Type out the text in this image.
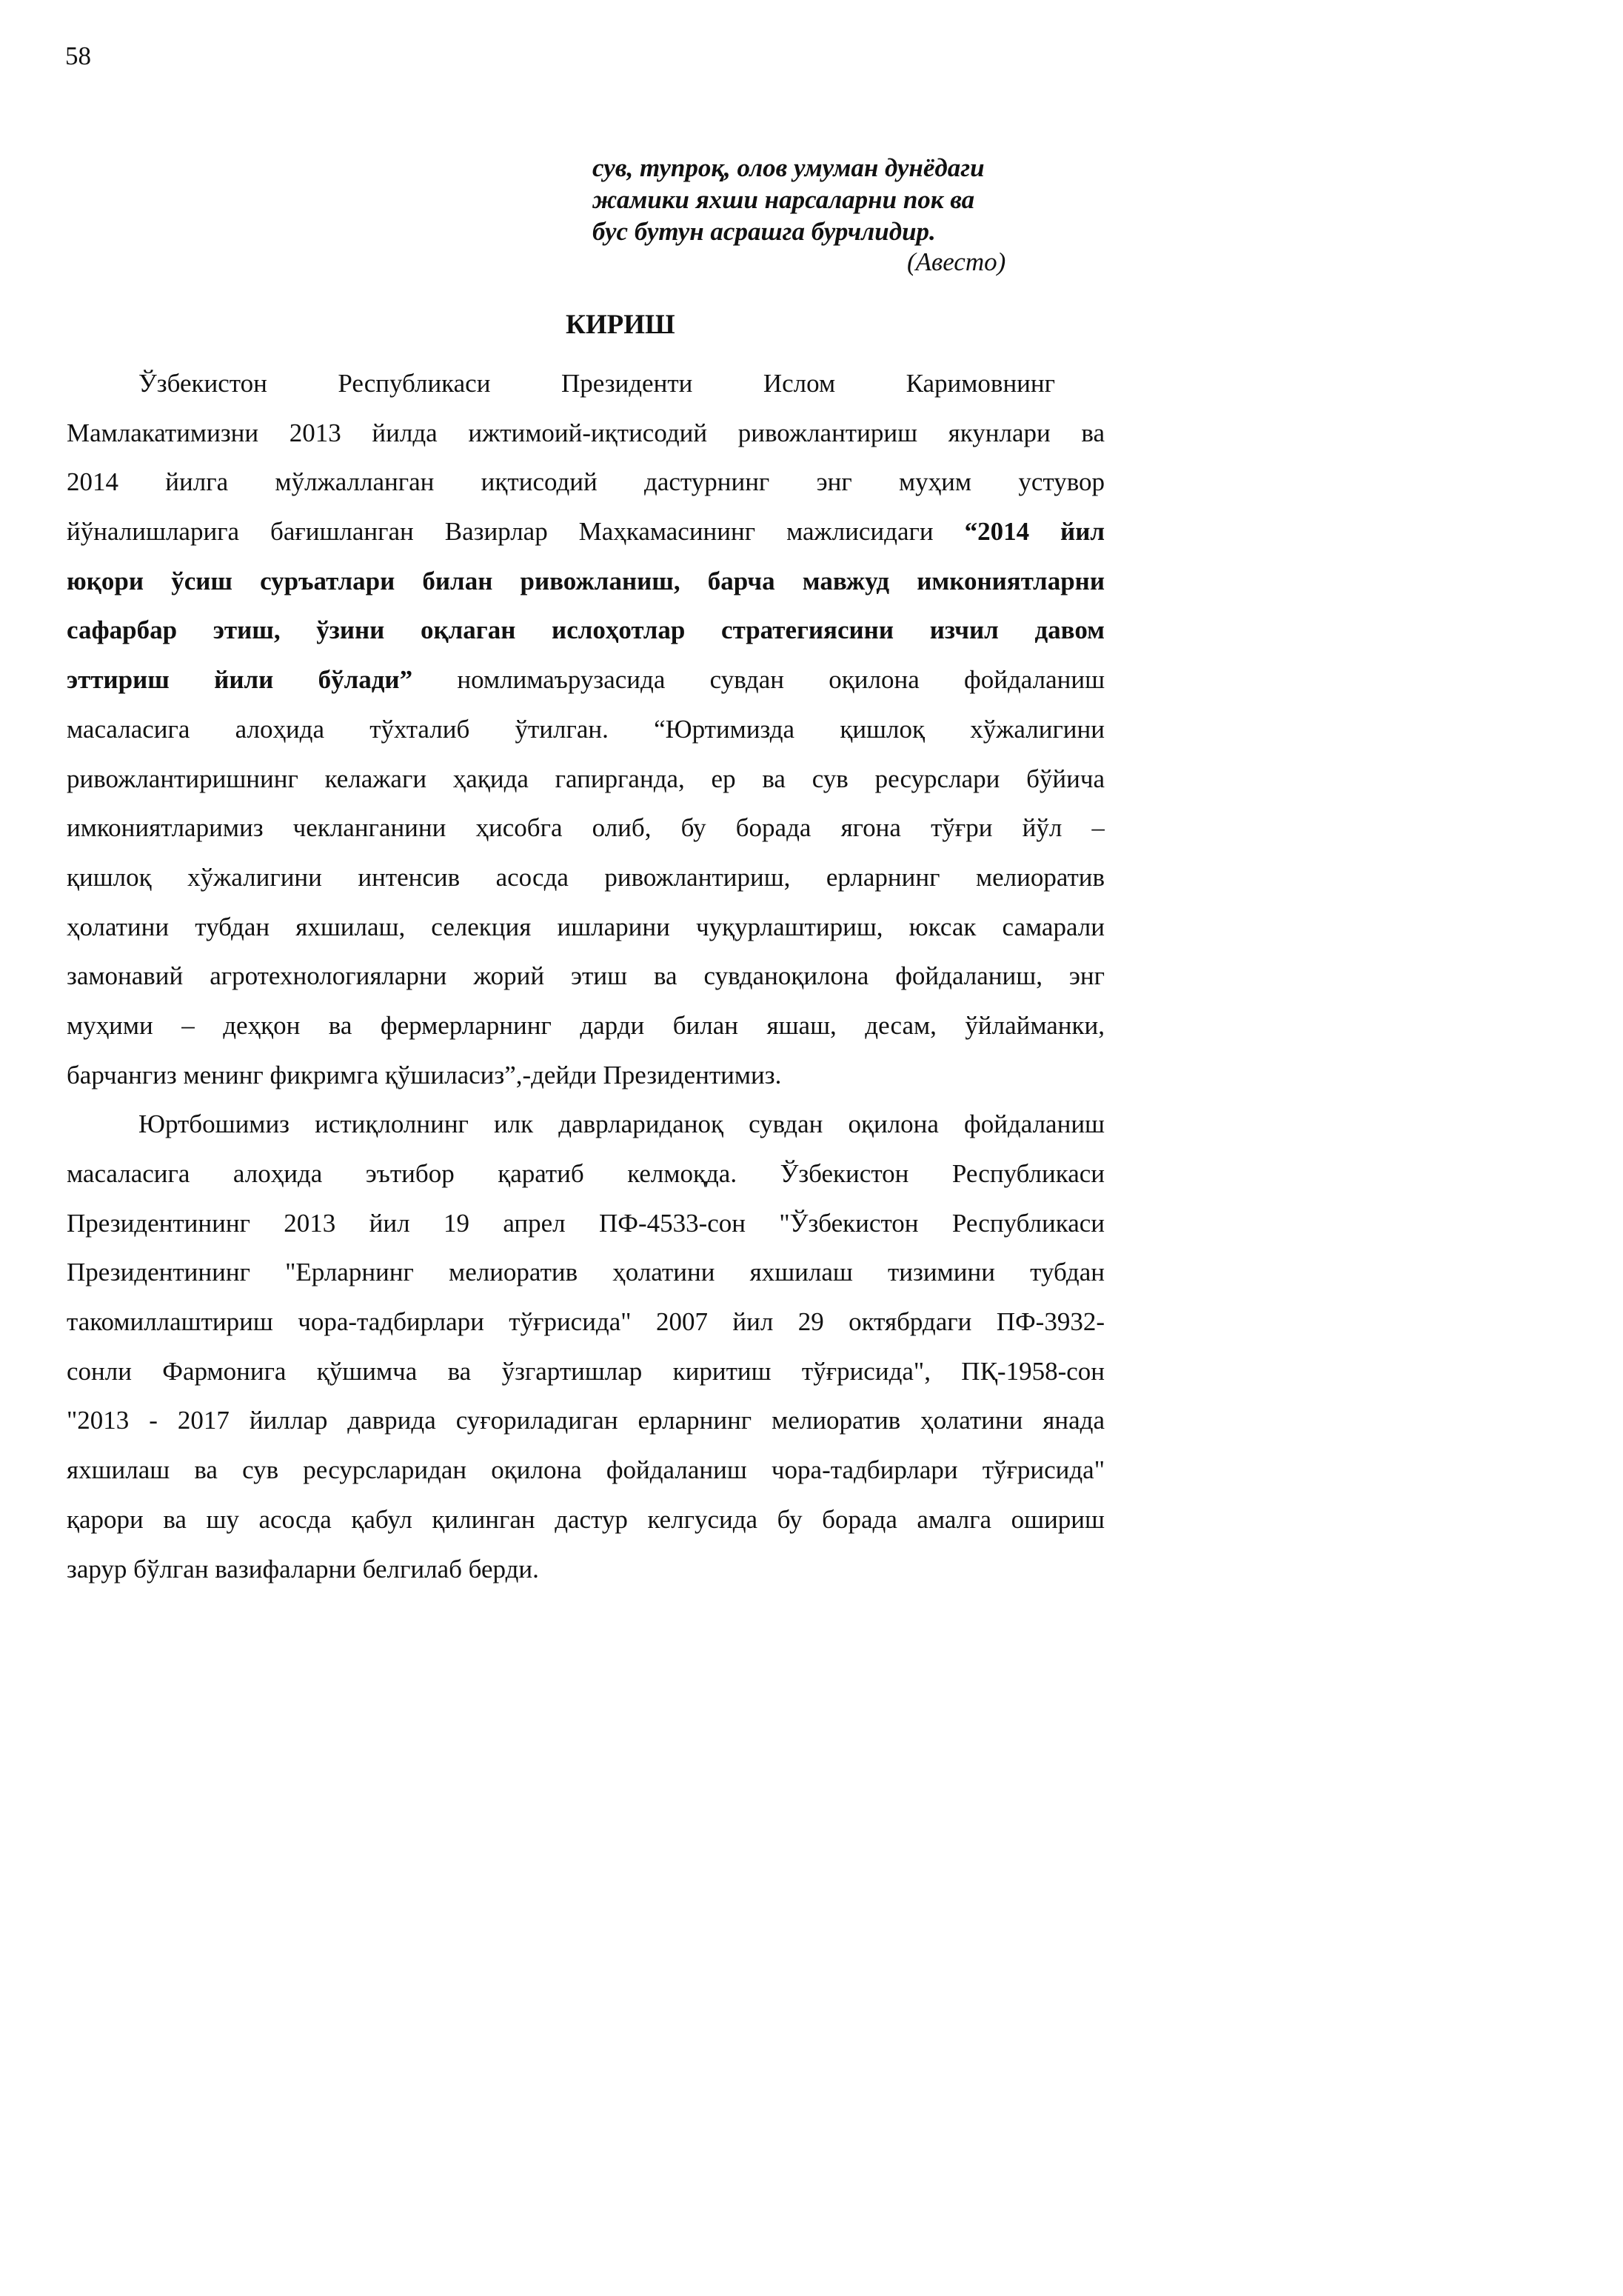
58
сув, тупроқ, олов умуман дунёдаги
жамики яхши нарсаларни пок ва
бус бутун асрашга бурчлидир.
(Авесто)
КИРИШ
Ўзбекистон	Республикаси	Президенти	Ислом	Каримовнинг
Мамлакатимизни 2013 йилда ижтимоий-иқтисодий ривожлантириш якунлари ва
2014 йилга мўлжалланган иқтисодий дастурнинг энг муҳим устувор
йўналишларига бағишланган Вазирлар Маҳкамасининг мажлисидаги “2014 йил
юқори ўсиш суръатлари билан ривожланиш, барча мавжуд имкониятларни
сафарбар этиш, ўзини оқлаган ислоҳотлар стратегиясини изчил давом
эттириш йили бўлади” номлимаърузасида сувдан оқилона фойдаланиш
масаласига алоҳида тўхталиб ўтилган. “Юртимизда қишлоқ хўжалигини
ривожлантиришнинг келажаги ҳақида гапирганда, ер ва сув ресурслари бўйича
имкониятларимиз чекланганини ҳисобга олиб, бу борада ягона тўғри йўл –
қишлоқ хўжалигини интенсив асосда ривожлантириш, ерларнинг мелиоратив
ҳолатини тубдан яхшилаш, селекция ишларини чуқурлаштириш, юксак самарали
замонавий агротехнологияларни жорий этиш ва сувданоқилона фойдаланиш, энг
муҳими – деҳқон ва фермерларнинг дарди билан яшаш, десам, ўйлайманки,
барчангиз менинг фикримга қўшиласиз”,-дейди Президентимиз.
Юртбошимиз истиқлолнинг илк даврлариданоқ сувдан оқилона фойдаланиш
масаласига алоҳида эътибор қаратиб келмоқда. Ўзбекистон Республикаси
Президентининг 2013 йил 19 апрел ПФ-4533-сон "Ўзбекистон Республикаси
Президентининг "Ерларнинг мелиоратив ҳолатини яхшилаш тизимини тубдан
такомиллаштириш чора-тадбирлари тўғрисида" 2007 йил 29 октябрдаги ПФ-3932-
сонли Фармонига қўшимча ва ўзгартишлар киритиш тўғрисида", ПҚ-1958-сон
"2013 - 2017 йиллар даврида суғориладиган ерларнинг мелиоратив ҳолатини янада
яхшилаш ва сув ресурсларидан оқилона фойдаланиш чора-тадбирлари тўғрисида"
қарори ва шу асосда қабул қилинган дастур келгусида бу борада амалга ошириш
зарур бўлган вазифаларни белгилаб берди.
